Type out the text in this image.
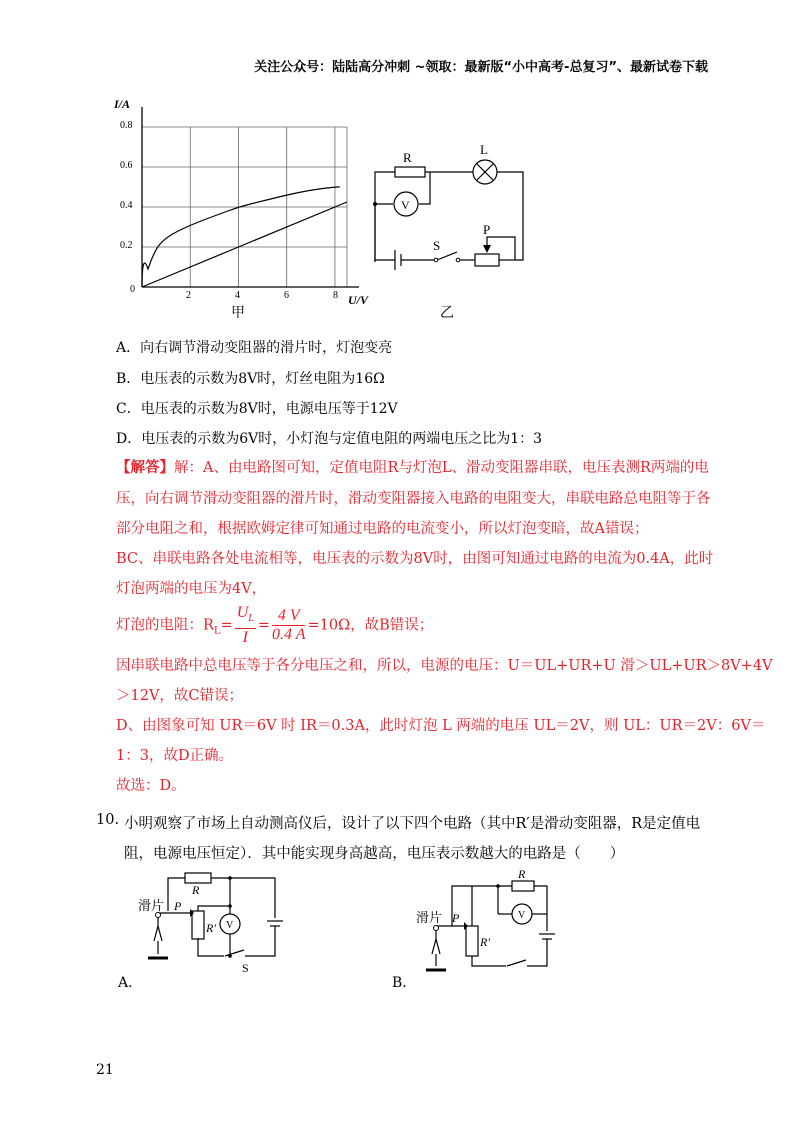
关注公众号：陆陆高分冲刺 ~领取：最新版“小中高考-总复习”、最新试卷下载
I/A
U/V
0.8
0.6
0.4
0.2
0
2	4	6	8
甲
R
L
V
S
P
乙
A．向右调节滑动变阻器的滑片时，灯泡变亮
B．电压表的示数为8V时，灯丝电阻为16Ω
C．电压表的示数为8V时，电源电压等于12V
D．电压表的示数为6V时，小灯泡与定值电阻的两端电压之比为1：3
【解答】解：A、由电路图可知，定值电阻R与灯泡L、滑动变阻器串联，电压表测R两端的电
压，向右调节滑动变阻器的滑片时，滑动变阻器接入电路的电阻变大，串联电路总电阻等于各
部分电阻之和，根据欧姆定律可知通过电路的电流变小，所以灯泡变暗，故A错误；
BC、串联电路各处电流相等，电压表的示数为8V时，由图可知通过电路的电流为0.4A，此时
灯泡两端的电压为4V，
灯泡的电阻：$R_L= \frac{U_L}{I} = \frac{4 V}{0.4 A} =10\Omega$，故B错误；
因串联电路中总电压等于各分电压之和，所以，电源的电压：U＝UL+UR+U 滑＞UL+UR＞8V+4V
＞12V，故C错误；
D、由图象可知 UR＝6V 时 IR＝0.3A，此时灯泡 L 两端的电压 UL＝2V，则 UL：UR＝2V：6V＝
1：3，故D正确。
故选：D。
10. 小明观察了市场上自动测高仪后，设计了以下四个电路（其中R′是滑动变阻器，R是定值电
阻，电源电压恒定）．其中能实现身高越高，电压表示数越大的电路是（　　）
滑片 P
R
R′ V
S
A．
滑片 P
R
R′
V
B．
21
